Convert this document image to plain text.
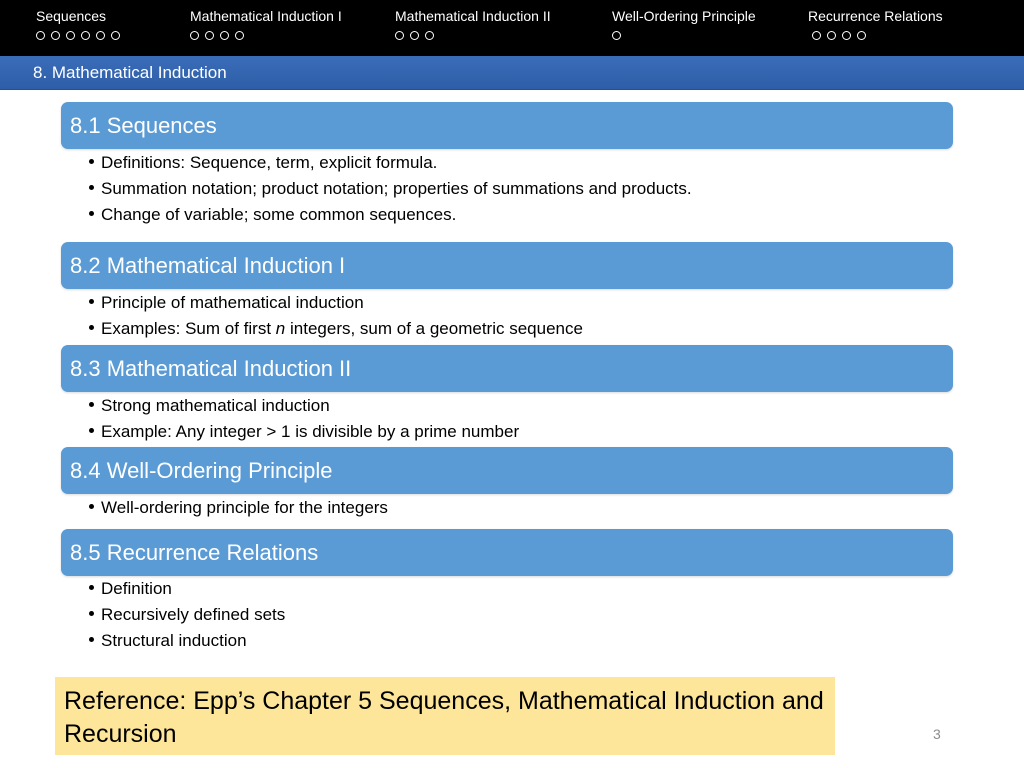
Sequences	Mathematical Induction I	Mathematical Induction II	Well-Ordering Principle	Recurrence Relations
8. Mathematical Induction
8.1 Sequences
Definitions: Sequence, term, explicit formula.
Summation notation; product notation; properties of summations and products.
Change of variable; some common sequences.
8.2 Mathematical Induction I
Principle of mathematical induction
Examples: Sum of first n integers, sum of a geometric sequence
8.3 Mathematical Induction II
Strong mathematical induction
Example: Any integer > 1 is divisible by a prime number
8.4 Well-Ordering Principle
Well-ordering principle for the integers
8.5 Recurrence Relations
Definition
Recursively defined sets
Structural induction
Reference: Epp’s Chapter 5 Sequences, Mathematical Induction and Recursion	3
